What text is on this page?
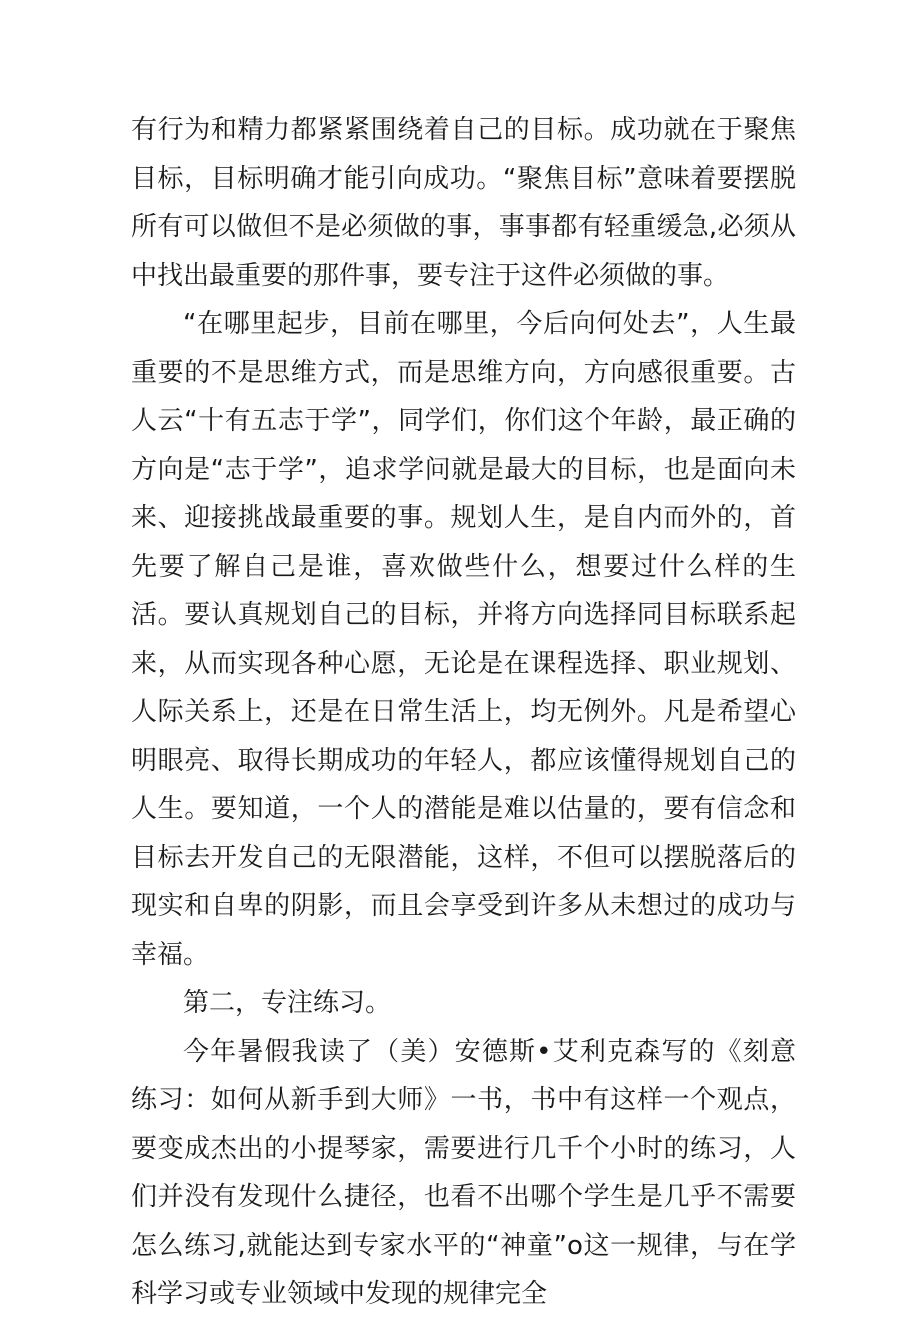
有行为和精力都紧紧围绕着自己的目标。成功就在于聚焦目标，目标明确才能引向成功。“聚焦目标”意味着要摆脱所有可以做但不是必须做的事，事事都有轻重缓急,必须从中找出最重要的那件事，要专注于这件必须做的事。

“在哪里起步，目前在哪里，今后向何处去”，人生最重要的不是思维方式，而是思维方向，方向感很重要。古人云“十有五志于学”，同学们，你们这个年龄，最正确的方向是“志于学”，追求学问就是最大的目标，也是面向未来、迎接挑战最重要的事。规划人生，是自内而外的，首先要了解自己是谁，喜欢做些什么，想要过什么样的生活。要认真规划自己的目标，并将方向选择同目标联系起来，从而实现各种心愿，无论是在课程选择、职业规划、人际关系上，还是在日常生活上，均无例外。凡是希望心明眼亮、取得长期成功的年轻人，都应该懂得规划自己的人生。要知道，一个人的潜能是难以估量的，要有信念和目标去开发自己的无限潜能，这样，不但可以摆脱落后的现实和自卑的阴影，而且会享受到许多从未想过的成功与幸福。

第二，专注练习。

今年暑假我读了（美）安德斯•艾利克森写的《刻意练习：如何从新手到大师》一书，书中有这样一个观点，要变成杰出的小提琴家，需要进行几千个小时的练习，人们并没有发现什么捷径，也看不出哪个学生是几乎不需要怎么练习,就能达到专家水平的“神童”o这一规律，与在学科学习或专业领域中发现的规律完全
